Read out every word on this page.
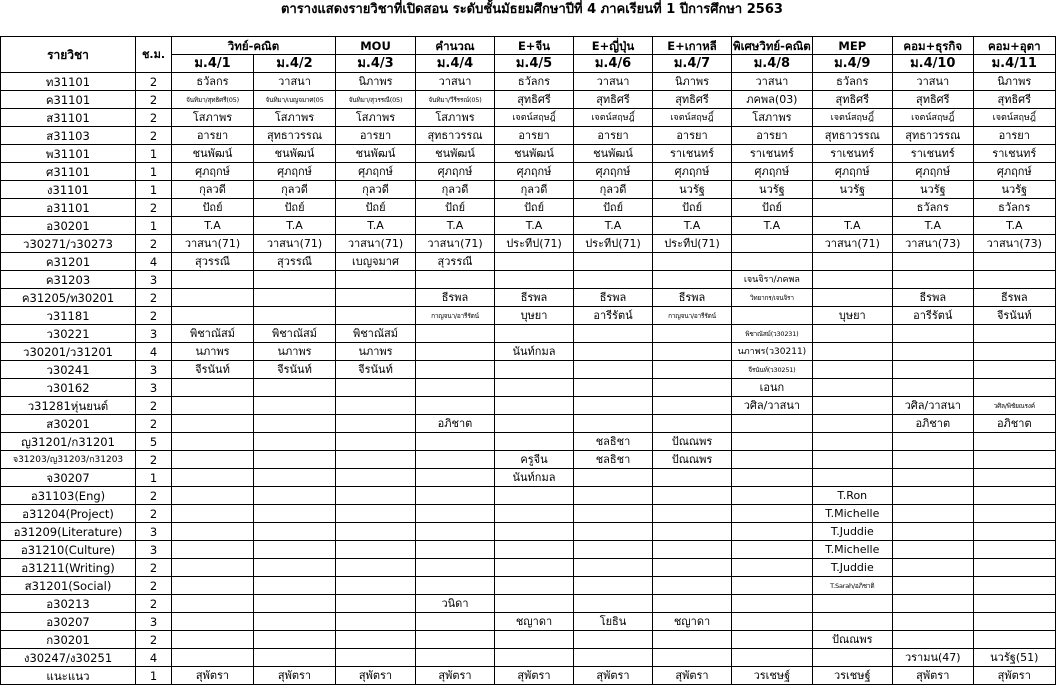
ตารางแสดงรายวิชาที่เปิดสอน ระดับชั้นมัธยมศึกษาปีที่ 4 ภาคเรียนที่ 1 ปีการศึกษา 2563
รายวิชา	ช.ม.	วิทย์-คณิต		MOU	คำนวณ	E+จีน	E+ญี่ปุ่น	E+เกาหลี	พิเศษวิทย์-คณิต	MEP	คอม+ธุรกิจ	คอม+อุตา
		ม.4/1	ม.4/2	ม.4/3	ม.4/4	ม.4/5	ม.4/6	ม.4/7	ม.4/8	ม.4/9	ม.4/10	ม.4/11
ท31101	2	ธวัลกร	วาสนา	นิภาพร	วาสนา	ธวัลกร	วาสนา	นิภาพร	วาสนา	ธวัลกร	วาสนา	นิภาพร
ค31101	2	จันทิมา/สุทธิศรี(05)	จันทิมา/เบญจมาศ(05	จันทิมา/สุวรรณี(05)	จันทิมา/วีรีรรณ์(05)	สุทธิศรี	สุทธิศรี	สุทธิศรี	ภคพล(03)	สุทธิศรี	สุทธิศรี	สุทธิศรี
ส31101	2	โสภาพร	โสภาพร	โสภาพร	โสภาพร	เจตน์สฤษฎิ์	เจตน์สฤษฎิ์	เจตน์สฤษฎิ์	โสภาพร	เจตน์สฤษฎิ์	เจตน์สฤษฎิ์	เจตน์สฤษฎิ์
ส31103	2	อารยา	สุทธาวรรณ	อารยา	สุทธาวรรณ	อารยา	อารยา	อารยา	อารยา	สุทธาวรรณ	สุทธาวรรณ	อารยา
พ31101	1	ชนพัฒน์	ชนพัฒน์	ชนพัฒน์	ชนพัฒน์	ชนพัฒน์	ชนพัฒน์	ราเชนทร์	ราเชนทร์	ราเชนทร์	ราเชนทร์	ราเชนทร์
ศ31101	1	ศุภฤกษ์	ศุภฤกษ์	ศุภฤกษ์	ศุภฤกษ์	ศุภฤกษ์	ศุภฤกษ์	ศุภฤกษ์	ศุภฤกษ์	ศุภฤกษ์	ศุภฤกษ์	ศุภฤกษ์
ง31101	1	กุลวดี	กุลวดี	กุลวดี	กุลวดี	กุลวดี	กุลวดี	นวรัฐ	นวรัฐ	นวรัฐ	นวรัฐ	นวรัฐ
อ31101	2	ปัถย์	ปัถย์	ปัถย์	ปัถย์	ปัถย์	ปัถย์	ปัถย์	ปัถย์		ธวัลกร	ธวัลกร
อ30201	1	T.A	T.A	T.A	T.A	T.A	T.A	T.A	T.A	T.A	T.A	T.A
ว30271/ว30273	2	วาสนา(71)	วาสนา(71)	วาสนา(71)	วาสนา(71)	ประทีป(71)	ประทีป(71)	ประทีป(71)		วาสนา(71)	วาสนา(73)	วาสนา(73)
ค31201	4	สุวรรณี	สุวรรณี	เบญจมาศ	สุวรรณี							
ค31203	3								เจนจิรา/ภคพล			
ค31205/ท30201	2				ธีรพล	ธีรพล	ธีรพล	ธีรพล	วิทยากร/เจนจิรา		ธีรพล	ธีรพล
ว31181	2				กาญจนา/อารีรัตน์	บุษยา	อารีรัตน์	กาญจนา/อารีรัตน์		บุษยา	อารีรัตน์	จีรนันท์
ว30221	3	พิชาณัสม์	พิชาณัสม์	พิชาณัสม์					พิชาณัสม์(ว30231)			
ว30201/ว31201	4	นภาพร	นภาพร	นภาพร		นันท์กมล			นภาพร(ว30211)			
ว30241	3	จีรนันท์	จีรนันท์	จีรนันท์					จีรนันท์(ว30251)			
ว30162	3								เอนก			
ว31281หุ่นยนต์	2								วศิล/วาสนา		วศิล/วาสนา	วศิล/พิชัยณรงค์
ส30201	2				อภิชาต						อภิชาต	อภิชาต
ญ31201/ก31201	5						ชลธิชา	ปัณณพร				
จ31203/ญ31203/ก31203	2					ครูจีน	ชลธิชา	ปัณณพร				
จ30207	1					นันท์กมล						
อ31103(Eng)	2									T.Ron		
อ31204(Project)	2									T.Michelle		
อ31209(Literature)	3									T.Juddie		
อ31210(Culture)	3									T.Michelle		
อ31211(Writing)	2									T.Juddie		
ส31201(Social)	2									T.Sarah/อภิชาติ		
อ30213	2				วนิดา							
อ30207	3					ชญาดา	โยธิน	ชญาดา				
ก30201	2									ปัณณพร		
ง30247/ง30251	4										วรามน(47)	นวรัฐ(51)
แนะแนว	1	สุพัตรา	สุพัตรา	สุพัตรา	สุพัตรา	สุพัตรา	สุพัตรา	สุพัตรา	วรเชษฐ์	วรเชษฐ์	สุพัตรา	สุพัตรา
